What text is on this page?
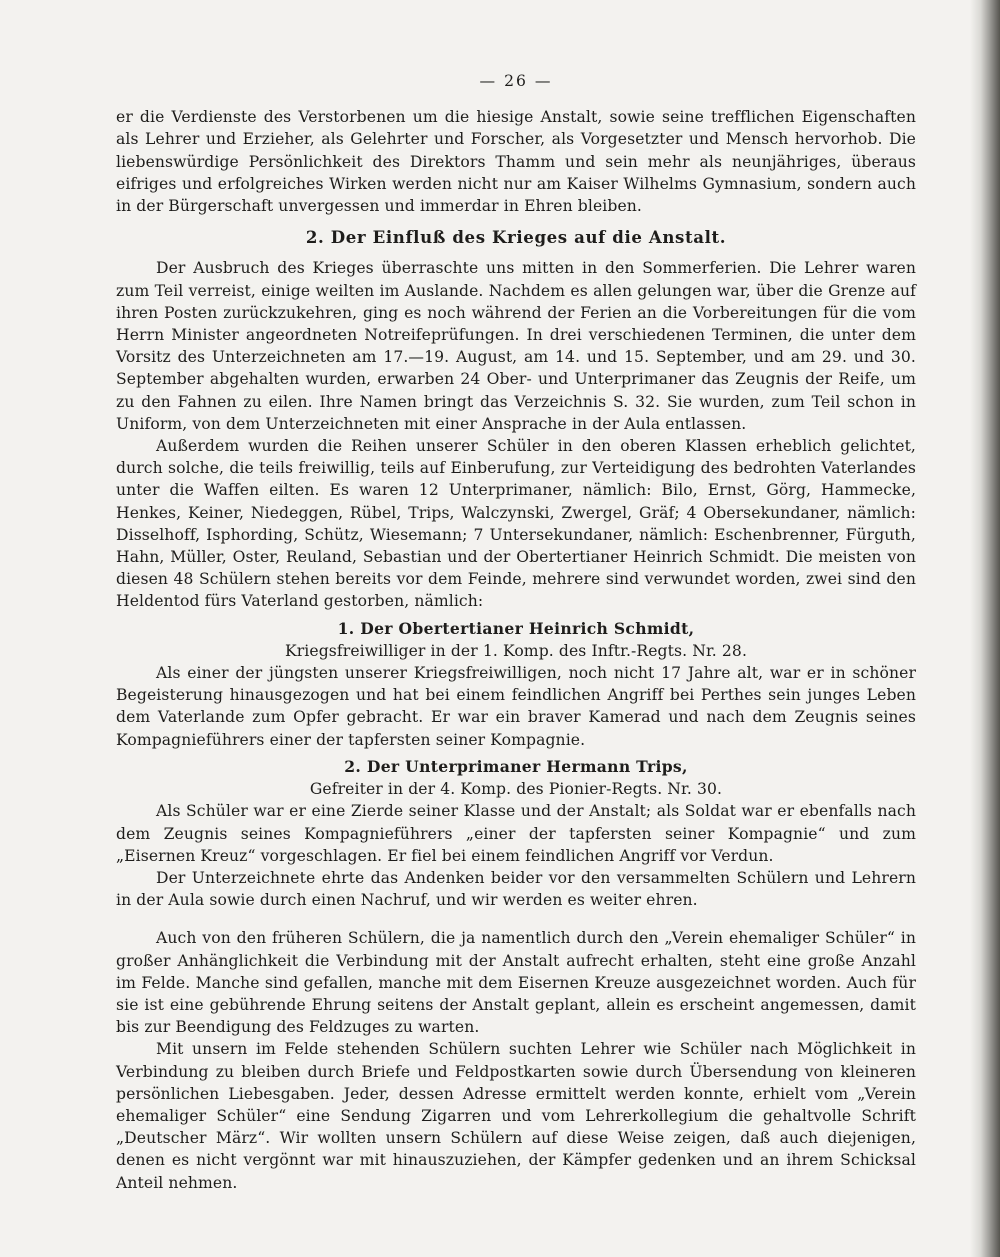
— 26 —

er die Verdienste des Verstorbenen um die hiesige Anstalt, sowie seine trefflichen Eigenschaften als Lehrer und Erzieher, als Gelehrter und Forscher, als Vorgesetzter und Mensch hervorhob. Die liebenswürdige Persönlichkeit des Direktors Thamm und sein mehr als neunjähriges, überaus eifriges und erfolgreiches Wirken werden nicht nur am Kaiser Wilhelms Gymnasium, sondern auch in der Bürgerschaft unvergessen und immerdar in Ehren bleiben.

2. Der Einfluß des Krieges auf die Anstalt.

Der Ausbruch des Krieges überraschte uns mitten in den Sommerferien. Die Lehrer waren zum Teil verreist, einige weilten im Auslande. Nachdem es allen gelungen war, über die Grenze auf ihren Posten zurückzukehren, ging es noch während der Ferien an die Vorbereitungen für die vom Herrn Minister angeordneten Notreifeprüfungen. In drei verschiedenen Terminen, die unter dem Vorsitz des Unterzeichneten am 17.—19. August, am 14. und 15. September, und am 29. und 30. September abgehalten wurden, erwarben 24 Ober- und Unterprimaner das Zeugnis der Reife, um zu den Fahnen zu eilen. Ihre Namen bringt das Verzeichnis S. 32. Sie wurden, zum Teil schon in Uniform, von dem Unterzeichneten mit einer Ansprache in der Aula entlassen.

Außerdem wurden die Reihen unserer Schüler in den oberen Klassen erheblich gelichtet, durch solche, die teils freiwillig, teils auf Einberufung, zur Verteidigung des bedrohten Vaterlandes unter die Waffen eilten. Es waren 12 Unterprimaner, nämlich: Bilo, Ernst, Görg, Hammecke, Henkes, Keiner, Niedeggen, Rübel, Trips, Walczynski, Zwergel, Gräf; 4 Obersekundaner, nämlich: Disselhoff, Isphording, Schütz, Wiesemann; 7 Untersekundaner, nämlich: Eschenbrenner, Fürguth, Hahn, Müller, Oster, Reuland, Sebastian und der Obertertianer Heinrich Schmidt. Die meisten von diesen 48 Schülern stehen bereits vor dem Feinde, mehrere sind verwundet worden, zwei sind den Heldentod fürs Vaterland gestorben, nämlich:

1. Der Obertertianer Heinrich Schmidt,
Kriegsfreiwilliger in der 1. Komp. des Inftr.-Regts. Nr. 28.

Als einer der jüngsten unserer Kriegsfreiwilligen, noch nicht 17 Jahre alt, war er in schöner Begeisterung hinausgezogen und hat bei einem feindlichen Angriff bei Perthes sein junges Leben dem Vaterlande zum Opfer gebracht. Er war ein braver Kamerad und nach dem Zeugnis seines Kompagnieführers einer der tapfersten seiner Kompagnie.

2. Der Unterprimaner Hermann Trips,
Gefreiter in der 4. Komp. des Pionier-Regts. Nr. 30.

Als Schüler war er eine Zierde seiner Klasse und der Anstalt; als Soldat war er ebenfalls nach dem Zeugnis seines Kompagnieführers „einer der tapfersten seiner Kompagnie“ und zum „Eisernen Kreuz“ vorgeschlagen. Er fiel bei einem feindlichen Angriff vor Verdun.

Der Unterzeichnete ehrte das Andenken beider vor den versammelten Schülern und Lehrern in der Aula sowie durch einen Nachruf, und wir werden es weiter ehren.

Auch von den früheren Schülern, die ja namentlich durch den „Verein ehemaliger Schüler“ in großer Anhänglichkeit die Verbindung mit der Anstalt aufrecht erhalten, steht eine große Anzahl im Felde. Manche sind gefallen, manche mit dem Eisernen Kreuze ausgezeichnet worden. Auch für sie ist eine gebührende Ehrung seitens der Anstalt geplant, allein es erscheint angemessen, damit bis zur Beendigung des Feldzuges zu warten.

Mit unsern im Felde stehenden Schülern suchten Lehrer wie Schüler nach Möglichkeit in Verbindung zu bleiben durch Briefe und Feldpostkarten sowie durch Übersendung von kleineren persönlichen Liebesgaben. Jeder, dessen Adresse ermittelt werden konnte, erhielt vom „Verein ehemaliger Schüler“ eine Sendung Zigarren und vom Lehrerkollegium die gehaltvolle Schrift „Deutscher März“. Wir wollten unsern Schülern auf diese Weise zeigen, daß auch diejenigen, denen es nicht vergönnt war mit hinauszuziehen, der Kämpfer gedenken und an ihrem Schicksal Anteil nehmen.
